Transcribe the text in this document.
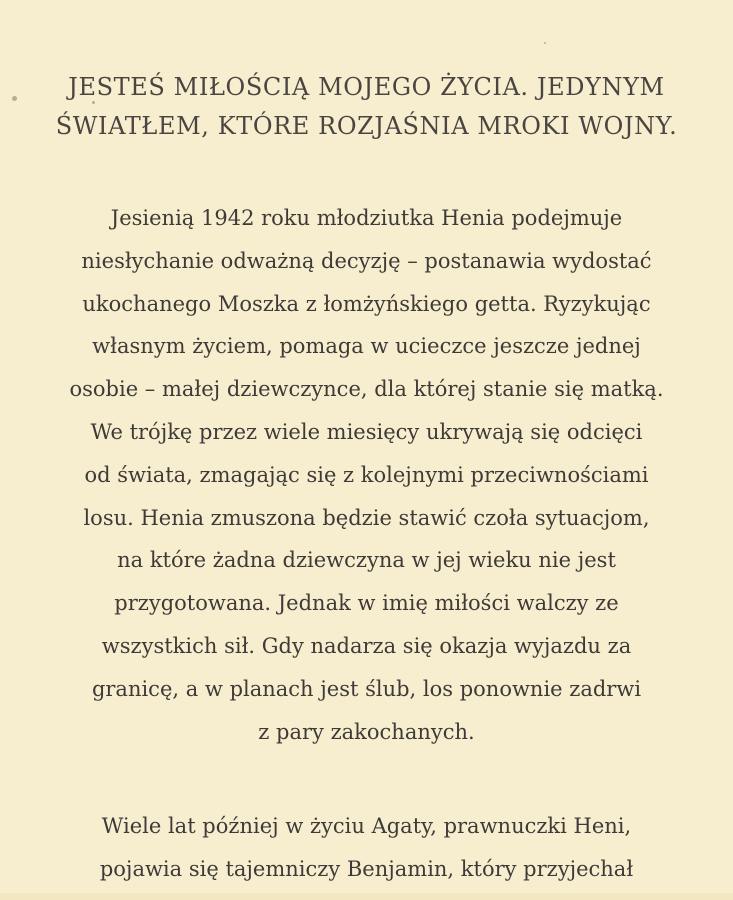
JESTEŚ MIŁOŚCIĄ MOJEGO ŻYCIA. JEDYNYM
ŚWIATŁEM, KTÓRE ROZJAŚNIA MROKI WOJNY.

Jesienią 1942 roku młodziutka Henia podejmuje
niesłychanie odważną decyzję – postanawia wydostać
ukochanego Moszka z łomżyńskiego getta. Ryzykując
własnym życiem, pomaga w ucieczce jeszcze jednej
osobie – małej dziewczynce, dla której stanie się matką.
We trójkę przez wiele miesięcy ukrywają się odcięci
od świata, zmagając się z kolejnymi przeciwnościami
losu. Henia zmuszona będzie stawić czoła sytuacjom,
na które żadna dziewczyna w jej wieku nie jest
przygotowana. Jednak w imię miłości walczy ze
wszystkich sił. Gdy nadarza się okazja wyjazdu za
granicę, a w planach jest ślub, los ponownie zadrwi
z pary zakochanych.

Wiele lat później w życiu Agaty, prawnuczki Heni,
pojawia się tajemniczy Benjamin, który przyjechał
